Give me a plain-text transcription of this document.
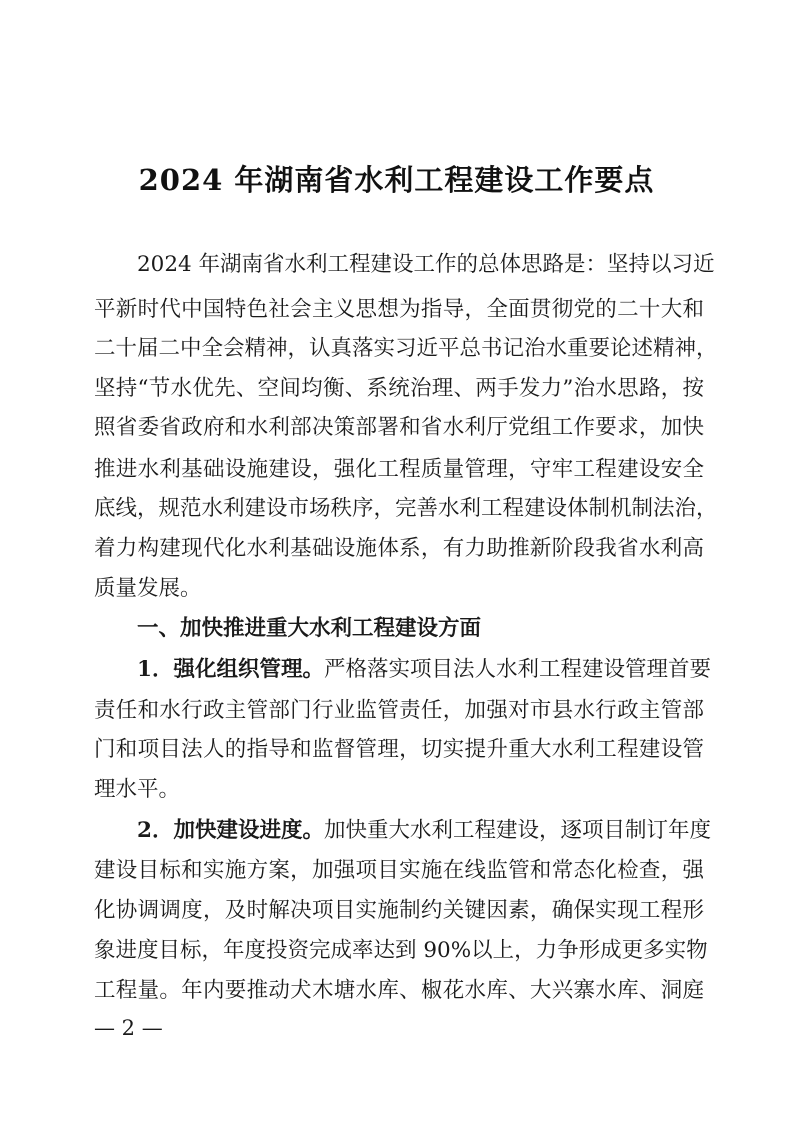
2024 年湖南省水利工程建设工作要点
2024 年湖南省水利工程建设工作的总体思路是：坚持以习近
平新时代中国特色社会主义思想为指导，全面贯彻党的二十大和
二十届二中全会精神，认真落实习近平总书记治水重要论述精神，
坚持“节水优先、空间均衡、系统治理、两手发力”治水思路，按
照省委省政府和水利部决策部署和省水利厅党组工作要求，加快
推进水利基础设施建设，强化工程质量管理，守牢工程建设安全
底线，规范水利建设市场秩序，完善水利工程建设体制机制法治，
着力构建现代化水利基础设施体系，有力助推新阶段我省水利高
质量发展。
一、加快推进重大水利工程建设方面
1．强化组织管理。严格落实项目法人水利工程建设管理首要
责任和水行政主管部门行业监管责任，加强对市县水行政主管部
门和项目法人的指导和监督管理，切实提升重大水利工程建设管
理水平。
2．加快建设进度。加快重大水利工程建设，逐项目制订年度
建设目标和实施方案，加强项目实施在线监管和常态化检查，强
化协调调度，及时解决项目实施制约关键因素，确保实现工程形
象进度目标，年度投资完成率达到 90%以上，力争形成更多实物
工程量。年内要推动犬木塘水库、椒花水库、大兴寨水库、洞庭
— 2 —
